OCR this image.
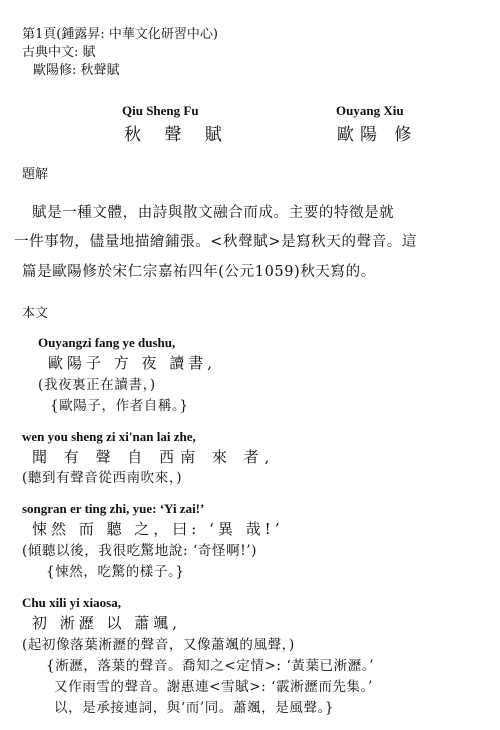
第1頁(鍾露昇: 中華文化研習中心)
古典中文: 賦
歐陽修: 秋聲賦
Qiu Sheng Fu
秋 聲 賦
Ouyang Xiu
歐陽 修
題解
賦是一種文體，由詩與散文融合而成。主要的特徵是就
一件事物，儘量地描繪鋪張。<秋聲賦>是寫秋天的聲音。這
篇是歐陽修於宋仁宗嘉祐四年(公元1059)秋天寫的。
本文
Ouyangzi fang ye dushu,
歐陽子 方 夜 讀書,
(我夜裏正在讀書，)
{歐陽子，作者自稱。}
wen you sheng zi xi'nan lai zhe,
聞 有 聲 自 西南 來 者,
(聽到有聲音從西南吹來，)
songran er ting zhi, yue: ‘Yi zai!’
悚然 而 聽 之，曰: ‘異 哉!’
(傾聽以後，我很吃驚地說: ‘奇怪啊!’)
{悚然，吃驚的樣子。}
Chu xili yi xiaosa,
初 淅瀝 以 蕭颯,
(起初像落葉淅瀝的聲音，又像蕭颯的風聲，)
{淅瀝，落葉的聲音。喬知之<定情>: ‘黃葉已淅瀝。’
又作雨雪的聲音。謝惠連<雪賦>: ‘霰淅瀝而先集。’
以，是承接連詞，與‘而’同。蕭颯，是風聲。}
